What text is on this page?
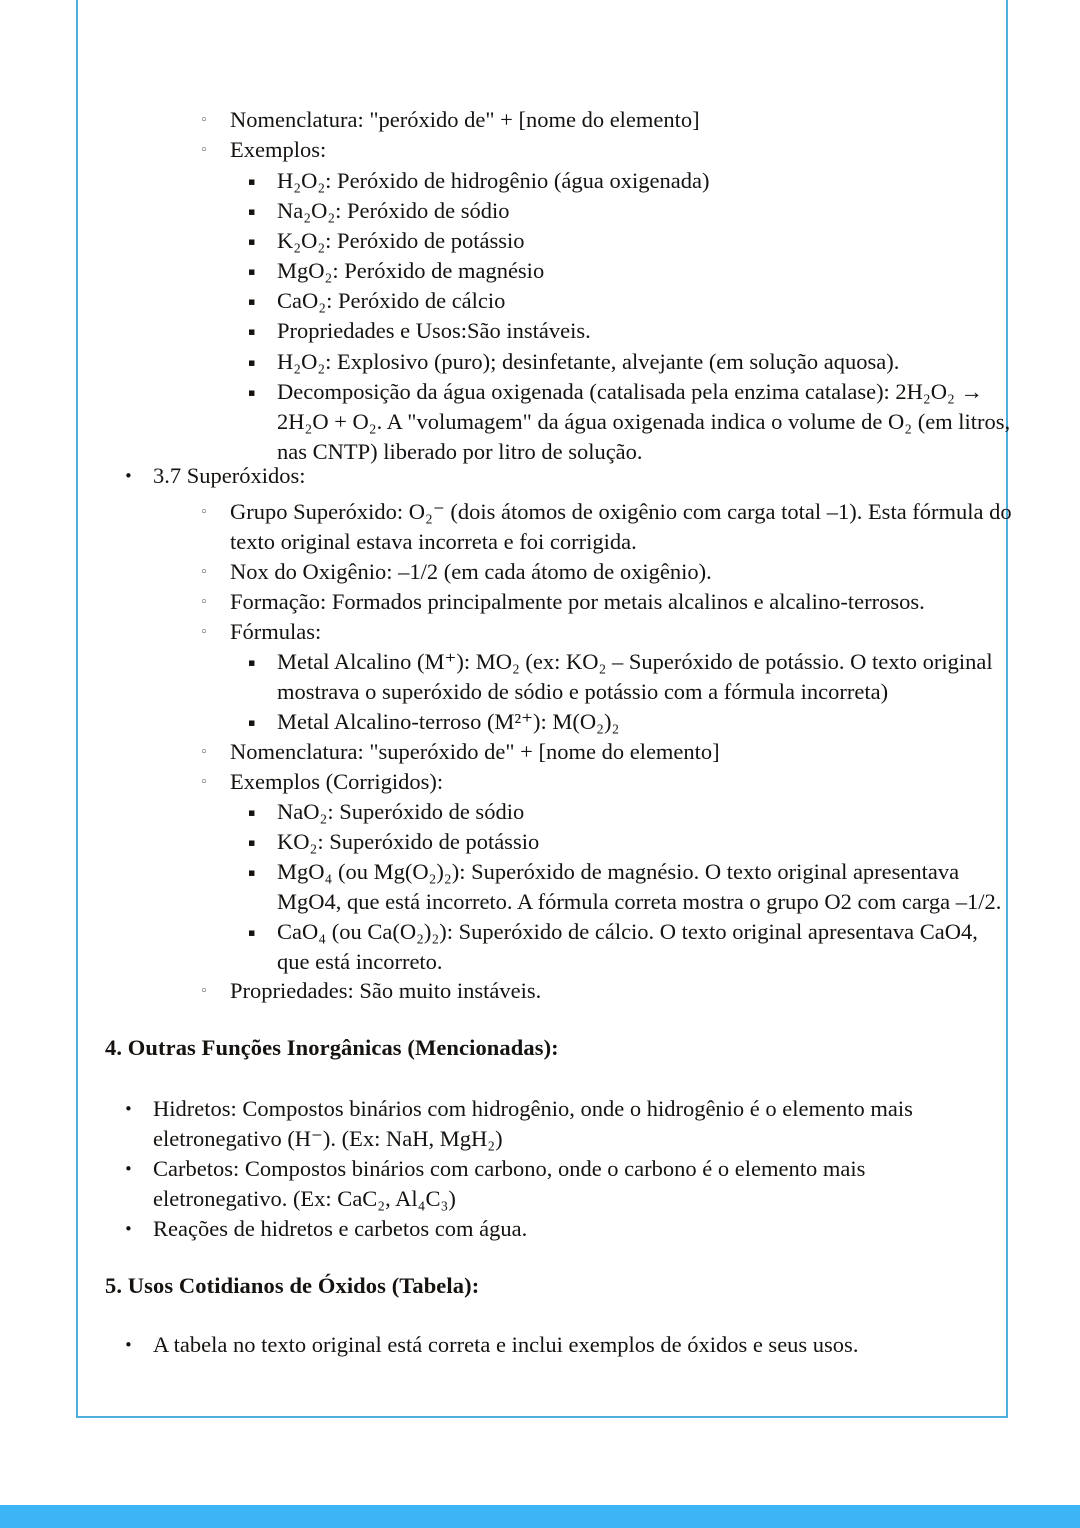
◦ Nomenclatura: "peróxido de" + [nome do elemento]
◦ Exemplos:
▪ H₂O₂: Peróxido de hidrogênio (água oxigenada)
▪ Na₂O₂: Peróxido de sódio
▪ K₂O₂: Peróxido de potássio
▪ MgO₂: Peróxido de magnésio
▪ CaO₂: Peróxido de cálcio
▪ Propriedades e Usos:São instáveis.
▪ H₂O₂: Explosivo (puro); desinfetante, alvejante (em solução aquosa).
▪ Decomposição da água oxigenada (catalisada pela enzima catalase): 2H₂O₂ → 2H₂O + O₂. A "volumagem" da água oxigenada indica o volume de O₂ (em litros, nas CNTP) liberado por litro de solução.
• 3.7 Superóxidos:
◦ Grupo Superóxido: O₂⁻ (dois átomos de oxigênio com carga total –1). Esta fórmula do texto original estava incorreta e foi corrigida.
◦ Nox do Oxigênio: –1/2 (em cada átomo de oxigênio).
◦ Formação: Formados principalmente por metais alcalinos e alcalino-terrosos.
◦ Fórmulas:
▪ Metal Alcalino (M⁺): MO₂ (ex: KO₂ – Superóxido de potássio. O texto original mostrava o superóxido de sódio e potássio com a fórmula incorreta)
▪ Metal Alcalino-terroso (M²⁺): M(O₂)₂
◦ Nomenclatura: "superóxido de" + [nome do elemento]
◦ Exemplos (Corrigidos):
▪ NaO₂: Superóxido de sódio
▪ KO₂: Superóxido de potássio
▪ MgO₄ (ou Mg(O₂)₂): Superóxido de magnésio. O texto original apresentava MgO4, que está incorreto. A fórmula correta mostra o grupo O2 com carga –1/2.
▪ CaO₄ (ou Ca(O₂)₂): Superóxido de cálcio. O texto original apresentava CaO4, que está incorreto.
◦ Propriedades: São muito instáveis.
4. Outras Funções Inorgânicas (Mencionadas):
• Hidretos: Compostos binários com hidrogênio, onde o hidrogênio é o elemento mais eletronegativo (H⁻). (Ex: NaH, MgH₂)
• Carbetos: Compostos binários com carbono, onde o carbono é o elemento mais eletronegativo. (Ex: CaC₂, Al₄C₃)
• Reações de hidretos e carbetos com água.
5. Usos Cotidianos de Óxidos (Tabela):
• A tabela no texto original está correta e inclui exemplos de óxidos e seus usos.
